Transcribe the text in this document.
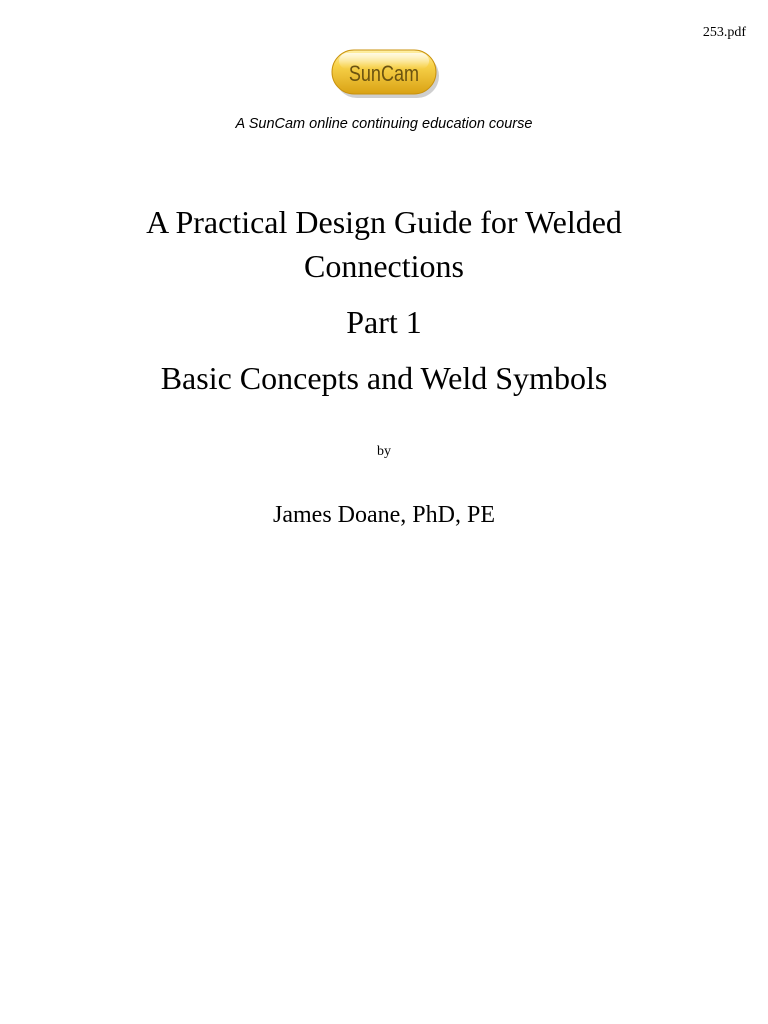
253.pdf
SunCam
A SunCam online continuing education course

A Practical Design Guide for Welded

Connections

Part 1

Basic Concepts and Weld Symbols

by
James Doane, PhD, PE
